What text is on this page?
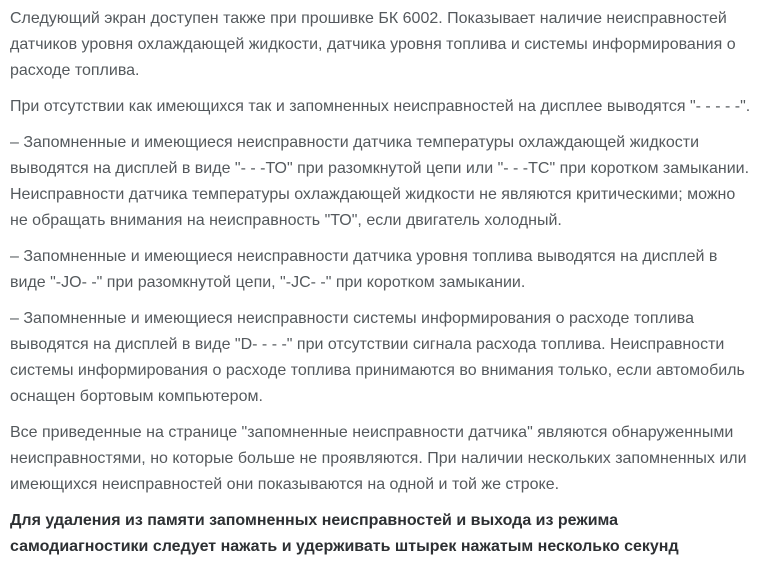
Следующий экран доступен также при прошивке БК 6002. Показывает наличие неисправностей датчиков уровня охлаждающей жидкости, датчика уровня топлива и системы информирования о расходе топлива.

При отсутствии как имеющихся так и запомненных неисправностей на дисплее выводятся "- - - - -".

– Запомненные и имеющиеся неисправности датчика температуры охлаждающей жидкости выводятся на дисплей в виде "- - -ТО" при разомкнутой цепи или "- - -ТС" при коротком замыкании. Неисправности датчика температуры охлаждающей жидкости не являются критическими; можно не обращать внимания на неисправность "ТО", если двигатель холодный.

– Запомненные и имеющиеся неисправности датчика уровня топлива выводятся на дисплей в виде "-JO- -" при разомкнутой цепи, "-JC- -" при коротком замыкании.

– Запомненные и имеющиеся неисправности системы информирования о расходе топлива выводятся на дисплей в виде "D- - - -" при отсутствии сигнала расхода топлива. Неисправности системы информирования о расходе топлива принимаются во внимания только, если автомобиль оснащен бортовым компьютером.

Все приведенные на странице "запомненные неисправности датчика" являются обнаруженными неисправностями, но которые больше не проявляются. При наличии нескольких запомненных или имеющихся неисправностей они показываются на одной и той же строке.

Для удаления из памяти запомненных неисправностей и выхода из режима самодиагностики следует нажать и удерживать штырек нажатым несколько секунд
